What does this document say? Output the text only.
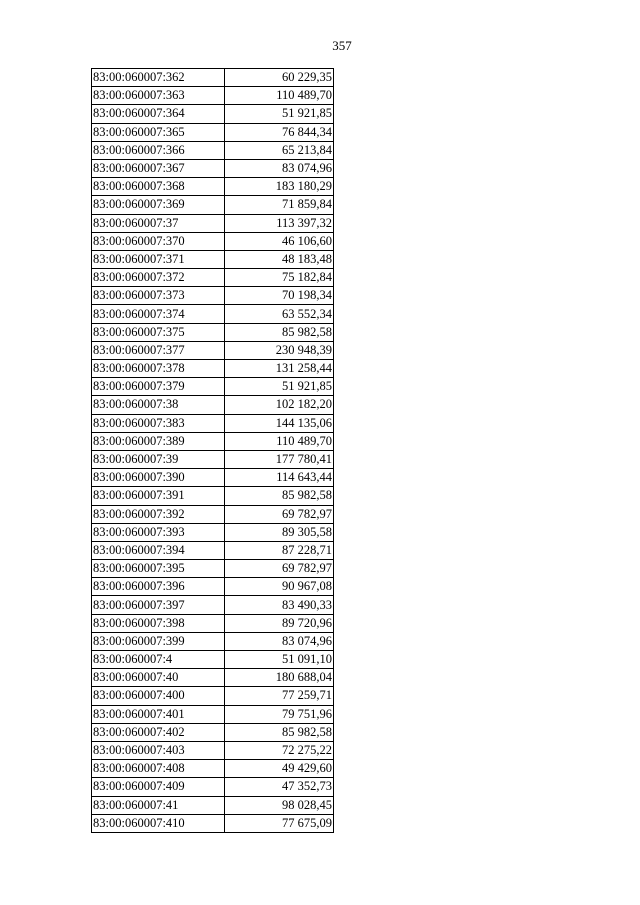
357
83:00:060007:362	60 229,35
83:00:060007:363	110 489,70
83:00:060007:364	51 921,85
83:00:060007:365	76 844,34
83:00:060007:366	65 213,84
83:00:060007:367	83 074,96
83:00:060007:368	183 180,29
83:00:060007:369	71 859,84
83:00:060007:37	113 397,32
83:00:060007:370	46 106,60
83:00:060007:371	48 183,48
83:00:060007:372	75 182,84
83:00:060007:373	70 198,34
83:00:060007:374	63 552,34
83:00:060007:375	85 982,58
83:00:060007:377	230 948,39
83:00:060007:378	131 258,44
83:00:060007:379	51 921,85
83:00:060007:38	102 182,20
83:00:060007:383	144 135,06
83:00:060007:389	110 489,70
83:00:060007:39	177 780,41
83:00:060007:390	114 643,44
83:00:060007:391	85 982,58
83:00:060007:392	69 782,97
83:00:060007:393	89 305,58
83:00:060007:394	87 228,71
83:00:060007:395	69 782,97
83:00:060007:396	90 967,08
83:00:060007:397	83 490,33
83:00:060007:398	89 720,96
83:00:060007:399	83 074,96
83:00:060007:4	51 091,10
83:00:060007:40	180 688,04
83:00:060007:400	77 259,71
83:00:060007:401	79 751,96
83:00:060007:402	85 982,58
83:00:060007:403	72 275,22
83:00:060007:408	49 429,60
83:00:060007:409	47 352,73
83:00:060007:41	98 028,45
83:00:060007:410	77 675,09
